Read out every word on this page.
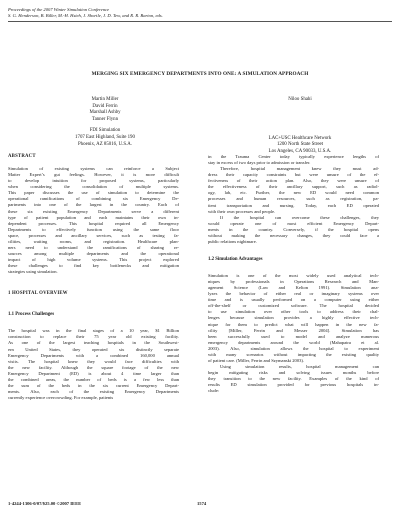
Proceedings of the 2007 Winter Simulation Conference
S. G. Henderson, B. Biller, M.-H. Hsieh, J. Shortle, J. D. Tew, and R. R. Barton, eds.
MERGING SIX EMERGENCY DEPARTMENTS INTO ONE: A SIMULATION APPROACH
Martin Miller
David Ferrin
Marshall Ashby
Tanner Flynn
FDI Simulation
1707 East Highland, Suite 190
Phoenix, AZ 85016, U.S.A.
Niloo Shahi
LAC+USC Healthcare Network
1200 North State Street
Los Angeles, CA 90033, U.S.A.

ABSTRACT

Simulation of existing systems can reinforce a Subject
Matter Expert’s gut feelings. However, it is more difficult
to develop intuition for proposed systems, particularly
when considering the consolidation of multiple systems.
This paper discusses the use of simulation to determine the
operational ramifications of combining six Emergency De-
partments into one of the largest in the country. Each of
these six existing Emergency Departments serve a different
type of patient population and each maintains their own in-
dependent processes. This hospital required all Emergency
Departments to effectively function using the same floor
space, processes and ancillary services, such as testing fa-
cilities, waiting rooms, and registration. Healthcare plan-
ners need to understand the ramifications of sharing re-
sources among multiple departments and the operational
impact of high volume systems. This project explored
these challenges to find key bottlenecks and mitigation
strategies using simulation.

1 HOSPITAL OVERVIEW

1.1 Process Challenges

The hospital was in the final stages of a 10 year, $1 Billion
construction to replace their 75 year old existing facility.
As one of the largest teaching hospitals in the Southwest-
ern United States, they operated six distinctly separate
Emergency Departments with a combined 160,000 annual
visits. The hospital knew they would face difficulties with
the new facility. Although the square footage of the new
Emergency Department (ED) is about 4 time larger than
the combined areas, the number of beds is a few less than
the sum of the beds in the six current Emergency Depart-
ments. Also, each of the existing Emergency Departments
currently experience overcrowding. For example, patients
in the Trauma Center today typically experience lengths of
stay in excess of two days prior to admission or transfer.
Therefore, hospital management knew they must ad-
dress their capacity constraints but were unsure of the ef-
fectiveness of their action plan. Also, they were unsure of
the effectiveness of their ancillary support, such as radiol-
ogy, lab, etc. Further, the new ED would need common
processes and human resources, such as registration, pa-
tient transportation and nursing. Today, each ED operated
with their own processes and people.
If the hospital can overcome these challenges, they
would operate one of most efficient Emergency Depart-
ments in the country. Conversely, if the hospital opens
without making the necessary changes, they could face a
public relations nightmare.

1.2 Simulation Advantages

Simulation is one of the most widely used analytical tech-
niques by professionals in Operations Research and Man-
agement Science (Law and Kelton 1991). Simulation ana-
lyzes the behavior of either real or imaginary systems over
time and is usually performed on a computer using either
off-the-shelf or customized software. The hospital decided
to use simulation over other tools to address their chal-
lenges because simulation provides a highly effective tech-
nique for them to predict what will happen in the new fa-
cility [Miller, Ferrin and Messer 2004]. Simulation has
been successfully used to model and analyze numerous
emergency departments around the world (Mahapatra et al.
2003). Also, simulation allows the hospital to experiment
with many scenarios without impacting the existing quality
of patient care. (Miller, Ferrin and Szymanski 2003).
Using simulation results, hospital management can
begin mitigating risks and solving issues months before
they transition to the new facility. Examples of the kind of
results ED simulation provided for previous hospitals in-
clude:
1-4244-1306-0/07/$25.00 ©2007 IEEE	1574
